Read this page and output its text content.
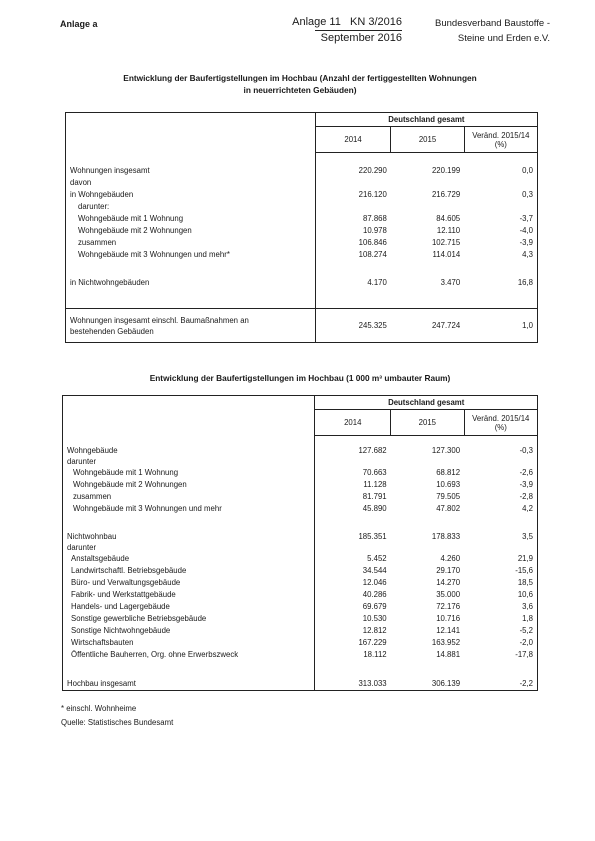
Anlage a	Anlage 11   KN 3/2016
September 2016
Bundesverband Baustoffe -
Steine und Erden e.V.
Entwicklung der Baufertigstellungen im Hochbau (Anzahl der fertiggestellten Wohnungen
in neuerrichteten Gebäuden)
	Deutschland gesamt		
	2014	2015	Veränd. 2015/14 (%)

Wohnungen insgesamt	220.290	220.199	0,0
davon			
in Wohngebäuden	216.120	216.729	0,3
darunter:			
Wohngebäude mit 1 Wohnung	87.868	84.605	-3,7
Wohngebäude mit 2 Wohnungen	10.978	12.110	-4,0
zusammen	106.846	102.715	-3,9
Wohngebäude mit 3 Wohnungen und mehr*	108.274	114.014	4,3

in Nichtwohngebäuden	4.170	3.470	16,8

Wohnungen insgesamt einschl. Baumaßnahmen an
bestehenden Gebäuden	245.325	247.724	1,0
Entwicklung der Baufertigstellungen im Hochbau (1 000 m³ umbauter Raum)
	Deutschland gesamt		
	2014	2015	Veränd. 2015/14 (%)

Wohngebäude	127.682	127.300	-0,3
darunter			
Wohngebäude mit 1 Wohnung	70.663	68.812	-2,6
Wohngebäude mit 2 Wohnungen	11.128	10.693	-3,9
zusammen	81.791	79.505	-2,8
Wohngebäude mit 3 Wohnungen und mehr	45.890	47.802	4,2

Nichtwohnbau	185.351	178.833	3,5
darunter			
Anstaltsgebäude	5.452	4.260	21,9
Landwirtschaftl. Betriebsgebäude	34.544	29.170	-15,6
Büro- und Verwaltungsgebäude	12.046	14.270	18,5
Fabrik- und Werkstattgebäude	40.286	35.000	10,6
Handels- und Lagergebäude	69.679	72.176	3,6
Sonstige gewerbliche Betriebsgebäude	10.530	10.716	1,8
Sonstige Nichtwohngebäude	12.812	12.141	-5,2
Wirtschaftsbauten	167.229	163.952	-2,0
Öffentliche Bauherren, Org. ohne Erwerbszweck	18.112	14.881	-17,8

Hochbau insgesamt	313.033	306.139	-2,2
* einschl. Wohnheime
Quelle: Statistisches Bundesamt
